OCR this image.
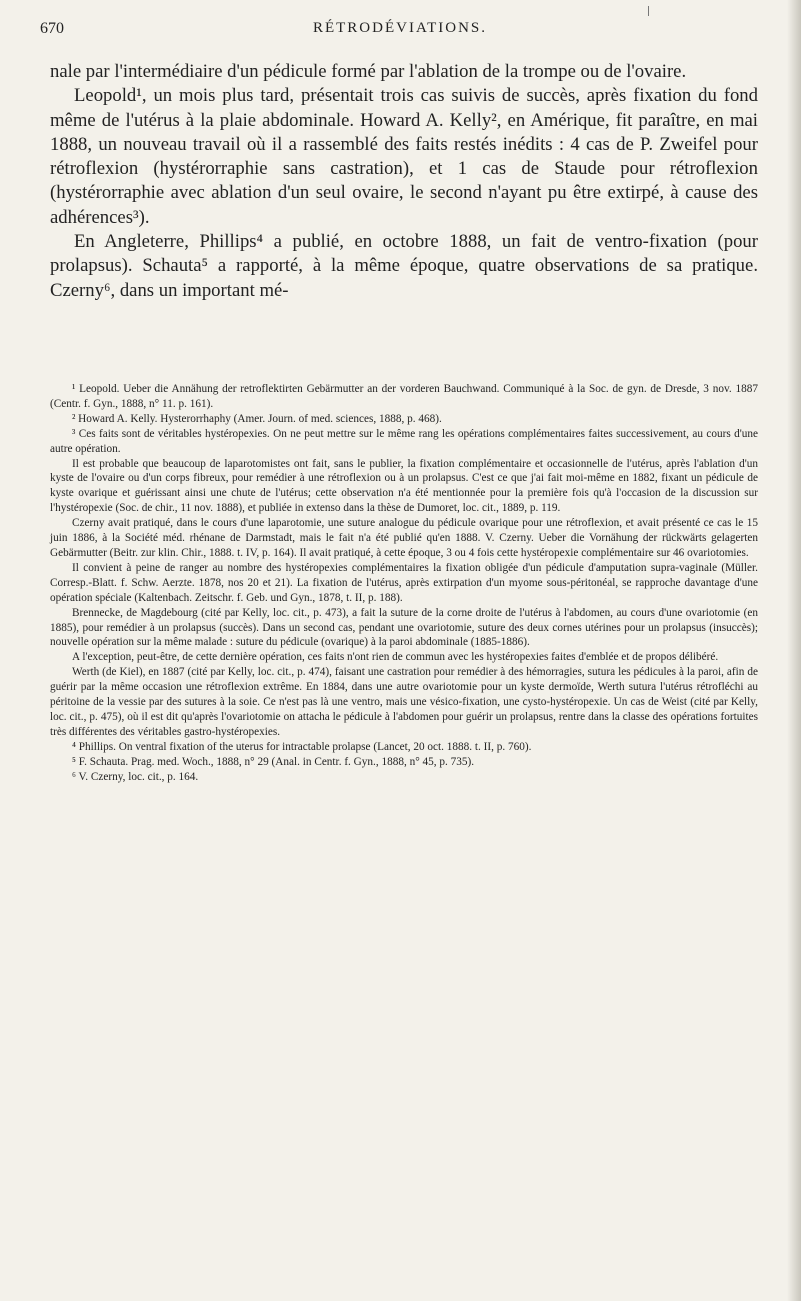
670	RÉTRODÉVIATIONS.

nale par l'intermédiaire d'un pédicule formé par l'ablation de la trompe ou de l'ovaire.

Leopold¹, un mois plus tard, présentait trois cas suivis de succès, après fixation du fond même de l'utérus à la plaie abdominale. Howard A. Kelly², en Amérique, fit paraître, en mai 1888, un nouveau travail où il a rassemblé des faits restés inédits : 4 cas de P. Zweifel pour rétroflexion (hystérorraphie sans castration), et 1 cas de Staude pour rétroflexion (hystérorraphie avec ablation d'un seul ovaire, le second n'ayant pu être extirpé, à cause des adhérences³).

En Angleterre, Phillips⁴ a publié, en octobre 1888, un fait de ventro-fixation (pour prolapsus). Schauta⁵ a rapporté, à la même époque, quatre observations de sa pratique. Czerny⁶, dans un important mé-

¹ Leopold. Ueber die Annähung der retroflektirten Gebärmutter an der vorderen Bauchwand. Communiqué à la Soc. de gyn. de Dresde, 3 nov. 1887 (Centr. f. Gyn., 1888, n° 11. p. 161).

² Howard A. Kelly. Hysterorrhaphy (Amer. Journ. of med. sciences, 1888, p. 468).

³ Ces faits sont de véritables hystéropexies. On ne peut mettre sur le même rang les opérations complémentaires faites successivement, au cours d'une autre opération.

Il est probable que beaucoup de laparotomistes ont fait, sans le publier, la fixation complémentaire et occasionnelle de l'utérus, après l'ablation d'un kyste de l'ovaire ou d'un corps fibreux, pour remédier à une rétroflexion ou à un prolapsus. C'est ce que j'ai fait moi-même en 1882, fixant un pédicule de kyste ovarique et guérissant ainsi une chute de l'utérus; cette observation n'a été mentionnée pour la première fois qu'à l'occasion de la discussion sur l'hystéropexie (Soc. de chir., 11 nov. 1888), et publiée in extenso dans la thèse de Dumoret, loc. cit., 1889, p. 119.

Czerny avait pratiqué, dans le cours d'une laparotomie, une suture analogue du pédicule ovarique pour une rétroflexion, et avait présenté ce cas le 15 juin 1886, à la Société méd. rhénane de Darmstadt, mais le fait n'a été publié qu'en 1888. V. Czerny. Ueber die Vornähung der rückwärts gelagerten Gebärmutter (Beitr. zur klin. Chir., 1888. t. IV, p. 164). Il avait pratiqué, à cette époque, 3 ou 4 fois cette hystéropexie complémentaire sur 46 ovariotomies.

Il convient à peine de ranger au nombre des hystéropexies complémentaires la fixation obligée d'un pédicule d'amputation supra-vaginale (Müller. Corresp.-Blatt. f. Schw. Aerzte. 1878, nos 20 et 21). La fixation de l'utérus, après extirpation d'un myome sous-péritonéal, se rapproche davantage d'une opération spéciale (Kaltenbach. Zeitschr. f. Geb. und Gyn., 1878, t. II, p. 188).

Brennecke, de Magdebourg (cité par Kelly, loc. cit., p. 473), a fait la suture de la corne droite de l'utérus à l'abdomen, au cours d'une ovariotomie (en 1885), pour remédier à un prolapsus (succès). Dans un second cas, pendant une ovariotomie, suture des deux cornes utérines pour un prolapsus (insuccès); nouvelle opération sur la même malade : suture du pédicule (ovarique) à la paroi abdominale (1885-1886).

A l'exception, peut-être, de cette dernière opération, ces faits n'ont rien de commun avec les hystéropexies faites d'emblée et de propos délibéré.

Werth (de Kiel), en 1887 (cité par Kelly, loc. cit., p. 474), faisant une castration pour remédier à des hémorragies, sutura les pédicules à la paroi, afin de guérir par la même occasion une rétroflexion extrême. En 1884, dans une autre ovariotomie pour un kyste dermoïde, Werth sutura l'utérus rétrofléchi au péritoine de la vessie par des sutures à la soie. Ce n'est pas là une ventro, mais une vésico-fixation, une cysto-hystéropexie. Un cas de Weist (cité par Kelly, loc. cit., p. 475), où il est dit qu'après l'ovariotomie on attacha le pédicule à l'abdomen pour guérir un prolapsus, rentre dans la classe des opérations fortuites très différentes des véritables gastro-hystéropexies.

⁴ Phillips. On ventral fixation of the uterus for intractable prolapse (Lancet, 20 oct. 1888. t. II, p. 760).

⁵ F. Schauta. Prag. med. Woch., 1888, n° 29 (Anal. in Centr. f. Gyn., 1888, n° 45, p. 735).

⁶ V. Czerny, loc. cit., p. 164.
